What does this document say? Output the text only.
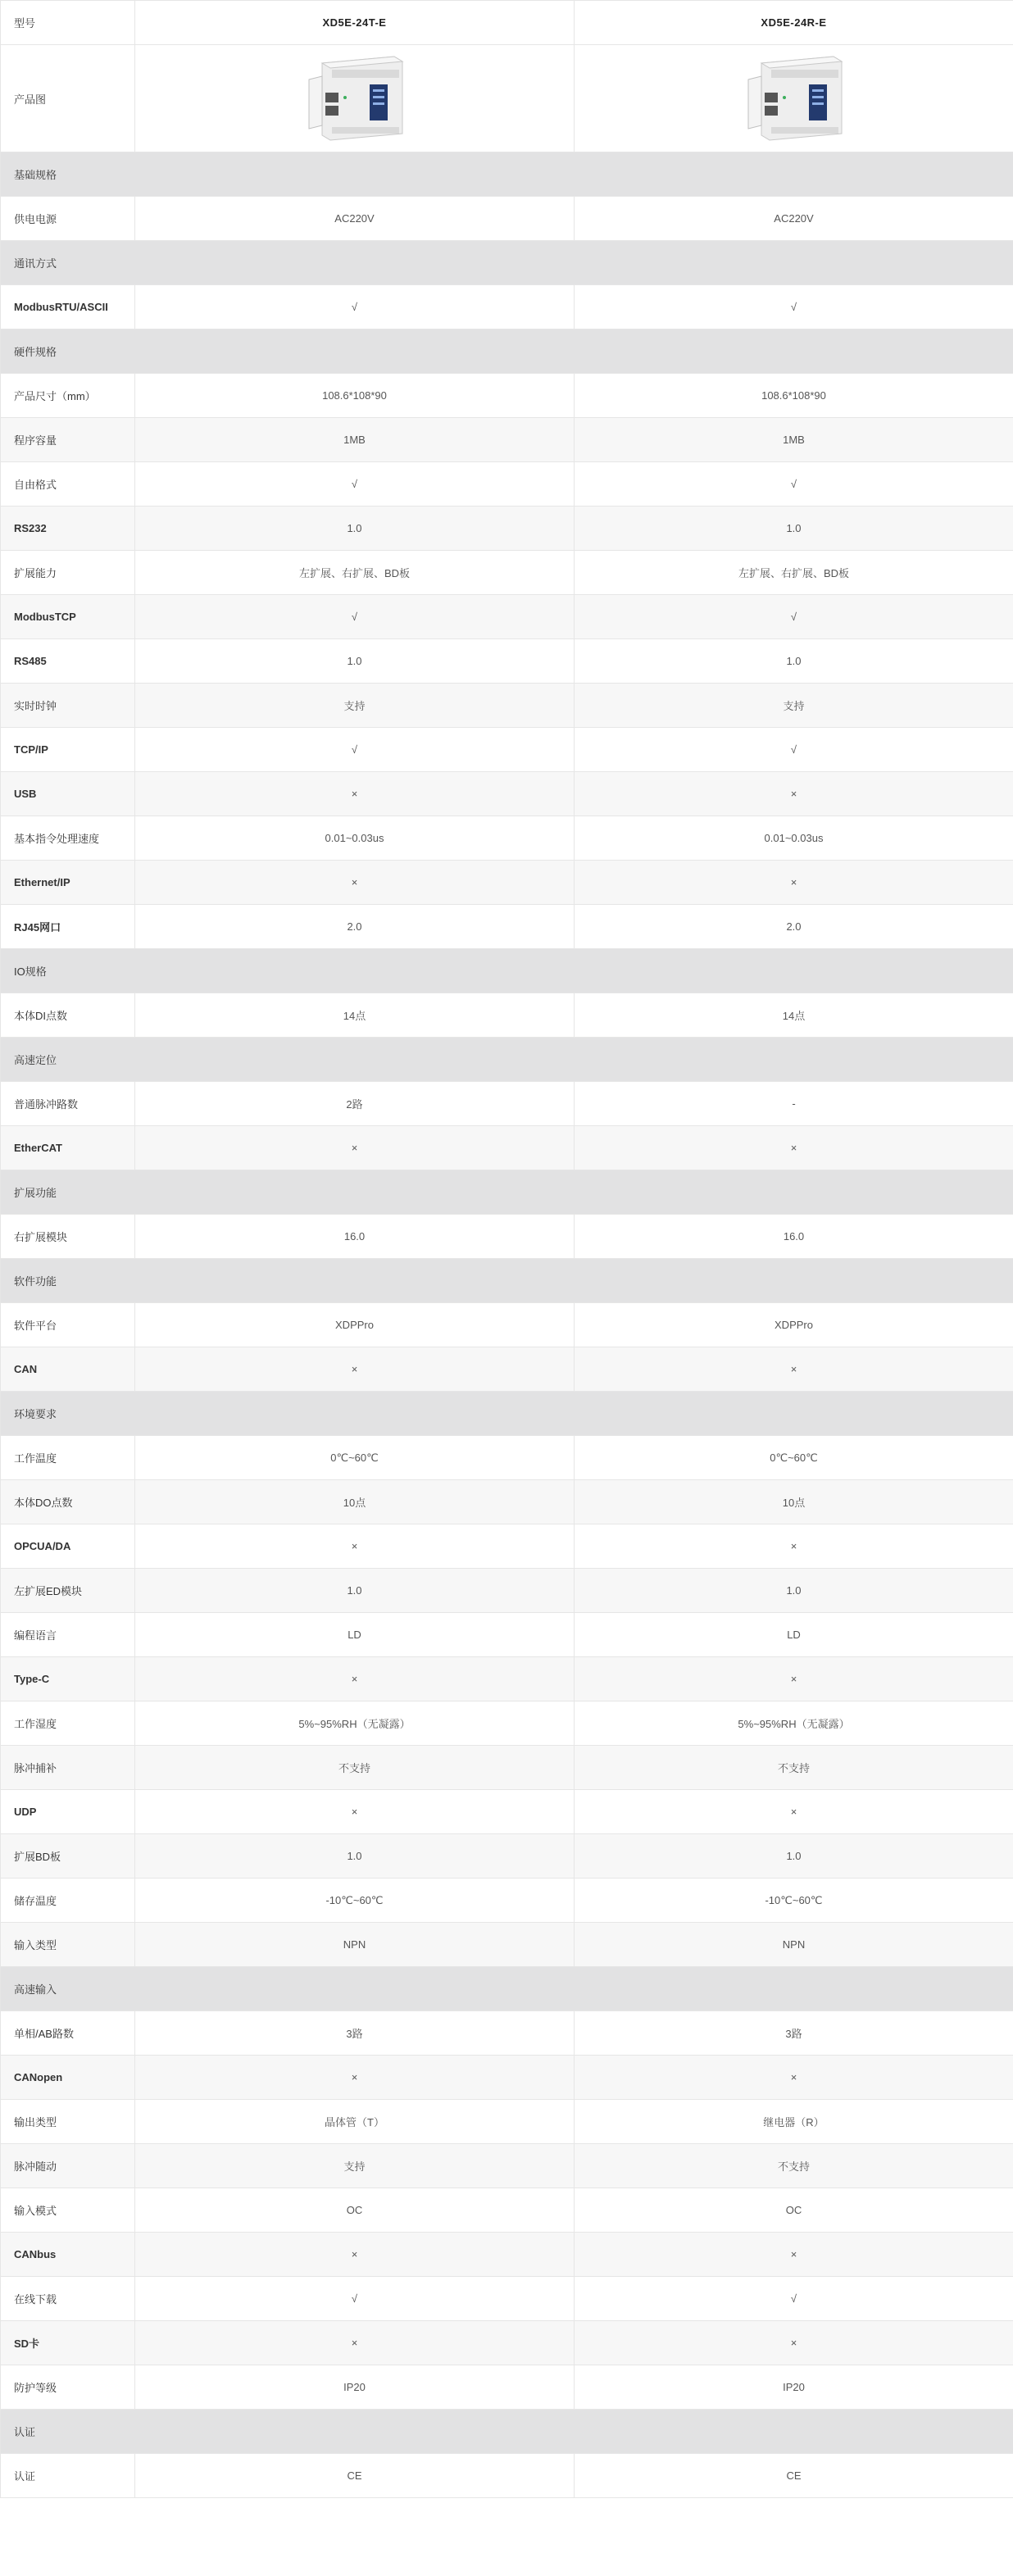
型号	XD5E-24T-E	XD5E-24R-E
产品图	

基础规格		
供电电源	AC220V	AC220V
通讯方式		
ModbusRTU/ASCII	√	√
硬件规格		
产品尺寸（mm）	108.6*108*90	108.6*108*90
程序容量	1MB	1MB
自由格式	√	√
RS232	1.0	1.0
扩展能力	左扩展、右扩展、BD板	左扩展、右扩展、BD板
ModbusTCP	√	√
RS485	1.0	1.0
实时时钟	支持	支持
TCP/IP	√	√
USB	×	×
基本指令处理速度	0.01~0.03us	0.01~0.03us
Ethernet/IP	×	×
RJ45网口	2.0	2.0
IO规格		
本体DI点数	14点	14点
高速定位		
普通脉冲路数	2路	-
EtherCAT	×	×
扩展功能		
右扩展模块	16.0	16.0
软件功能		
软件平台	XDPPro	XDPPro
CAN	×	×
环境要求		
工作温度	0℃~60℃	0℃~60℃
本体DO点数	10点	10点
OPCUA/DA	×	×
左扩展ED模块	1.0	1.0
编程语言	LD	LD
Type-C	×	×
工作湿度	5%~95%RH（无凝露）	5%~95%RH（无凝露）
脉冲捕补	不支持	不支持
UDP	×	×
扩展BD板	1.0	1.0
储存温度	-10℃~60℃	-10℃~60℃
输入类型	NPN	NPN
高速输入		
单相/AB路数	3路	3路
CANopen	×	×
输出类型	晶体管（T）	继电器（R）
脉冲随动	支持	不支持
输入模式	OC	OC
CANbus	×	×
在线下载	√	√
SD卡	×	×
防护等级	IP20	IP20
认证		
认证	CE	CE
